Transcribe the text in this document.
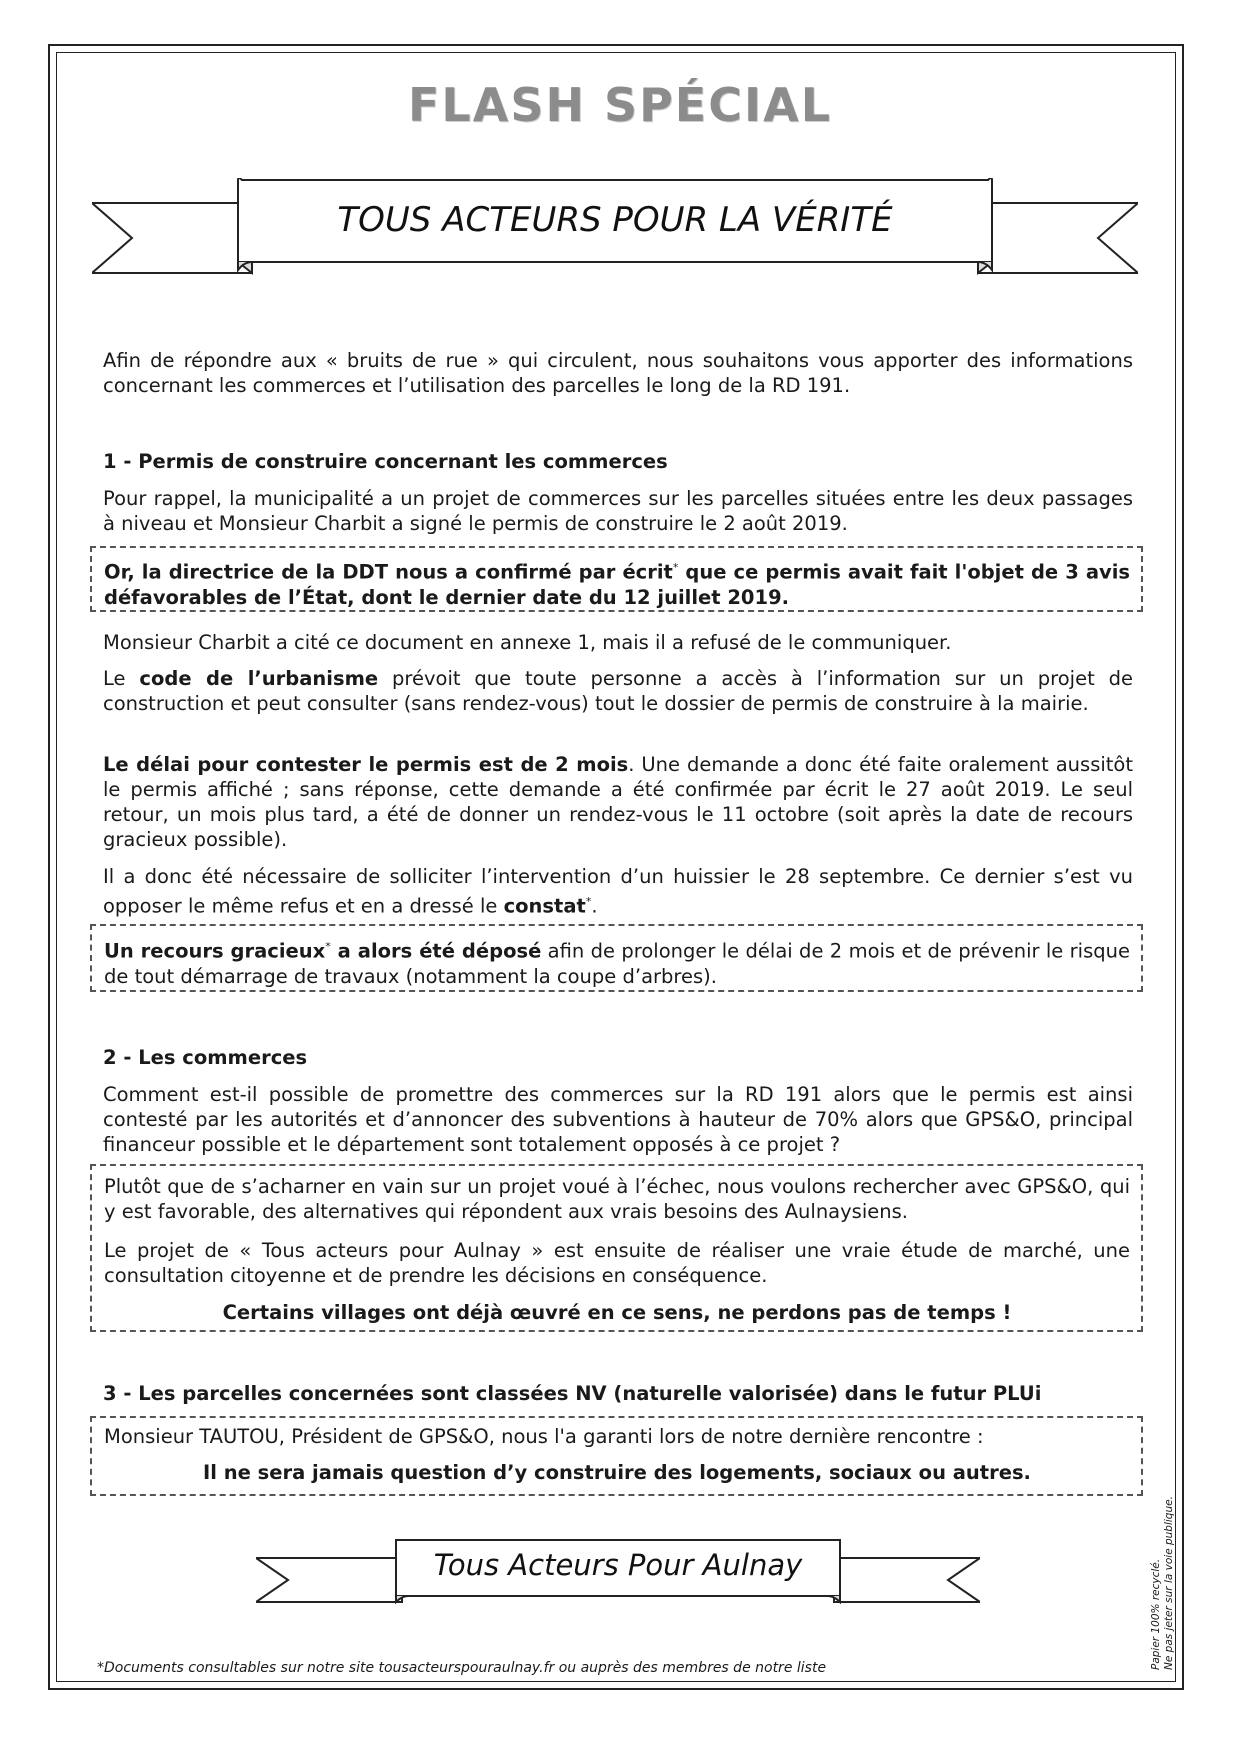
FLASH SPÉCIAL
TOUS ACTEURS POUR LA VÉRITÉ

Afin de répondre aux « bruits de rue » qui circulent, nous souhaitons vous apporter des informations concernant les commerces et l’utilisation des parcelles le long de la RD 191.

1 - Permis de construire concernant les commerces

Pour rappel, la municipalité a un projet de commerces sur les parcelles situées entre les deux passages à niveau et Monsieur Charbit a signé le permis de construire le 2 août 2019.

Or, la directrice de la DDT nous a confirmé par écrit* que ce permis avait fait l'objet de 3 avis défavorables de l’État, dont le dernier date du 12 juillet 2019.

Monsieur Charbit a cité ce document en annexe 1, mais il a refusé de le communiquer.

Le code de l’urbanisme prévoit que toute personne a accès à l’information sur un projet de construction et peut consulter (sans rendez-vous) tout le dossier de permis de construire à la mairie.

Le délai pour contester le permis est de 2 mois. Une demande a donc été faite oralement aussitôt le permis affiché ; sans réponse, cette demande a été confirmée par écrit le 27 août 2019. Le seul retour, un mois plus tard, a été de donner un rendez-vous le 11 octobre (soit après la date de recours gracieux possible).

Il a donc été nécessaire de solliciter l’intervention d’un huissier le 28 septembre. Ce dernier s’est vu opposer le même refus et en a dressé le constat*.

Un recours gracieux* a alors été déposé afin de prolonger le délai de 2 mois et de prévenir le risque de tout démarrage de travaux (notamment la coupe d’arbres).

2 - Les commerces

Comment est-il possible de promettre des commerces sur la RD 191 alors que le permis est ainsi contesté par les autorités et d’annoncer des subventions à hauteur de 70% alors que GPS&O, principal financeur possible et le département sont totalement opposés à ce projet ?

Plutôt que de s’acharner en vain sur un projet voué à l’échec, nous voulons rechercher avec GPS&O, qui y est favorable, des alternatives qui répondent aux vrais besoins des Aulnaysiens.

Le projet de « Tous acteurs pour Aulnay » est ensuite de réaliser une vraie étude de marché, une consultation citoyenne et de prendre les décisions en conséquence.

Certains villages ont déjà œuvré en ce sens, ne perdons pas de temps !

3 - Les parcelles concernées sont classées NV (naturelle valorisée) dans le futur PLUi

Monsieur TAUTOU, Président de GPS&O, nous l'a garanti lors de notre dernière rencontre :

Il ne sera jamais question d’y construire des logements, sociaux ou autres.

Tous Acteurs Pour Aulnay
*Documents consultables sur notre site tousacteurspouraulnay.fr ou auprès des membres de notre liste	Papier 100% recyclé. Ne pas jeter sur la voie publique.
